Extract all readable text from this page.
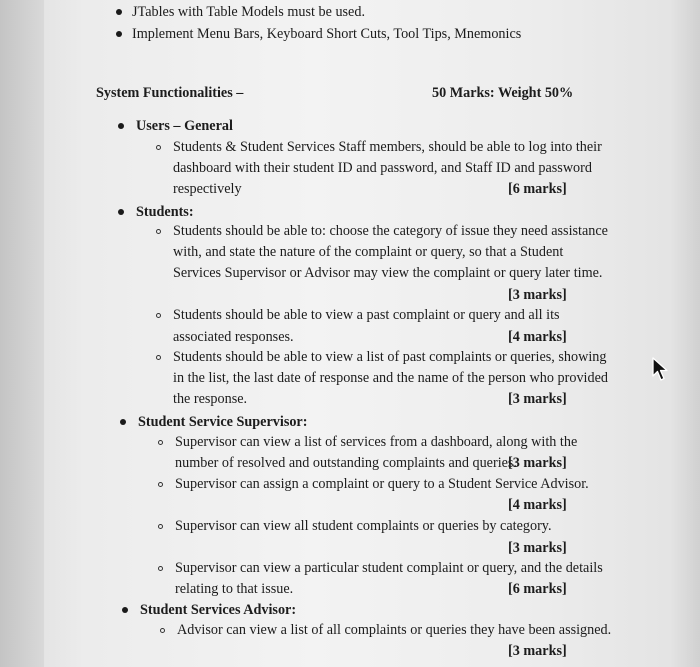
JTables with Table Models must be used.
Implement Menu Bars, Keyboard Short Cuts, Tool Tips, Mnemonics
System Functionalities –	50 Marks: Weight 50%
Users – General
Students & Student Services Staff members, should be able to log into their
dashboard with their student ID and password, and Staff ID and password
respectively	[6 marks]
Students:
Students should be able to: choose the category of issue they need assistance
with, and state the nature of the complaint or query, so that a Student
Services Supervisor or Advisor may view the complaint or query later time.
[3 marks]
Students should be able to view a past complaint or query and all its
associated responses.	[4 marks]
Students should be able to view a list of past complaints or queries, showing
in the list, the last date of response and the name of the person who provided
the response.	[3 marks]
Student Service Supervisor:
Supervisor can view a list of services from a dashboard, along with the
number of resolved and outstanding complaints and queries.
[3 marks]
Supervisor can assign a complaint or query to a Student Service Advisor.
[4 marks]
Supervisor can view all student complaints or queries by category.
[3 marks]
Supervisor can view a particular student complaint or query, and the details
relating to that issue.	[6 marks]
Student Services Advisor:
Advisor can view a list of all complaints or queries they have been assigned.
[3 marks]
